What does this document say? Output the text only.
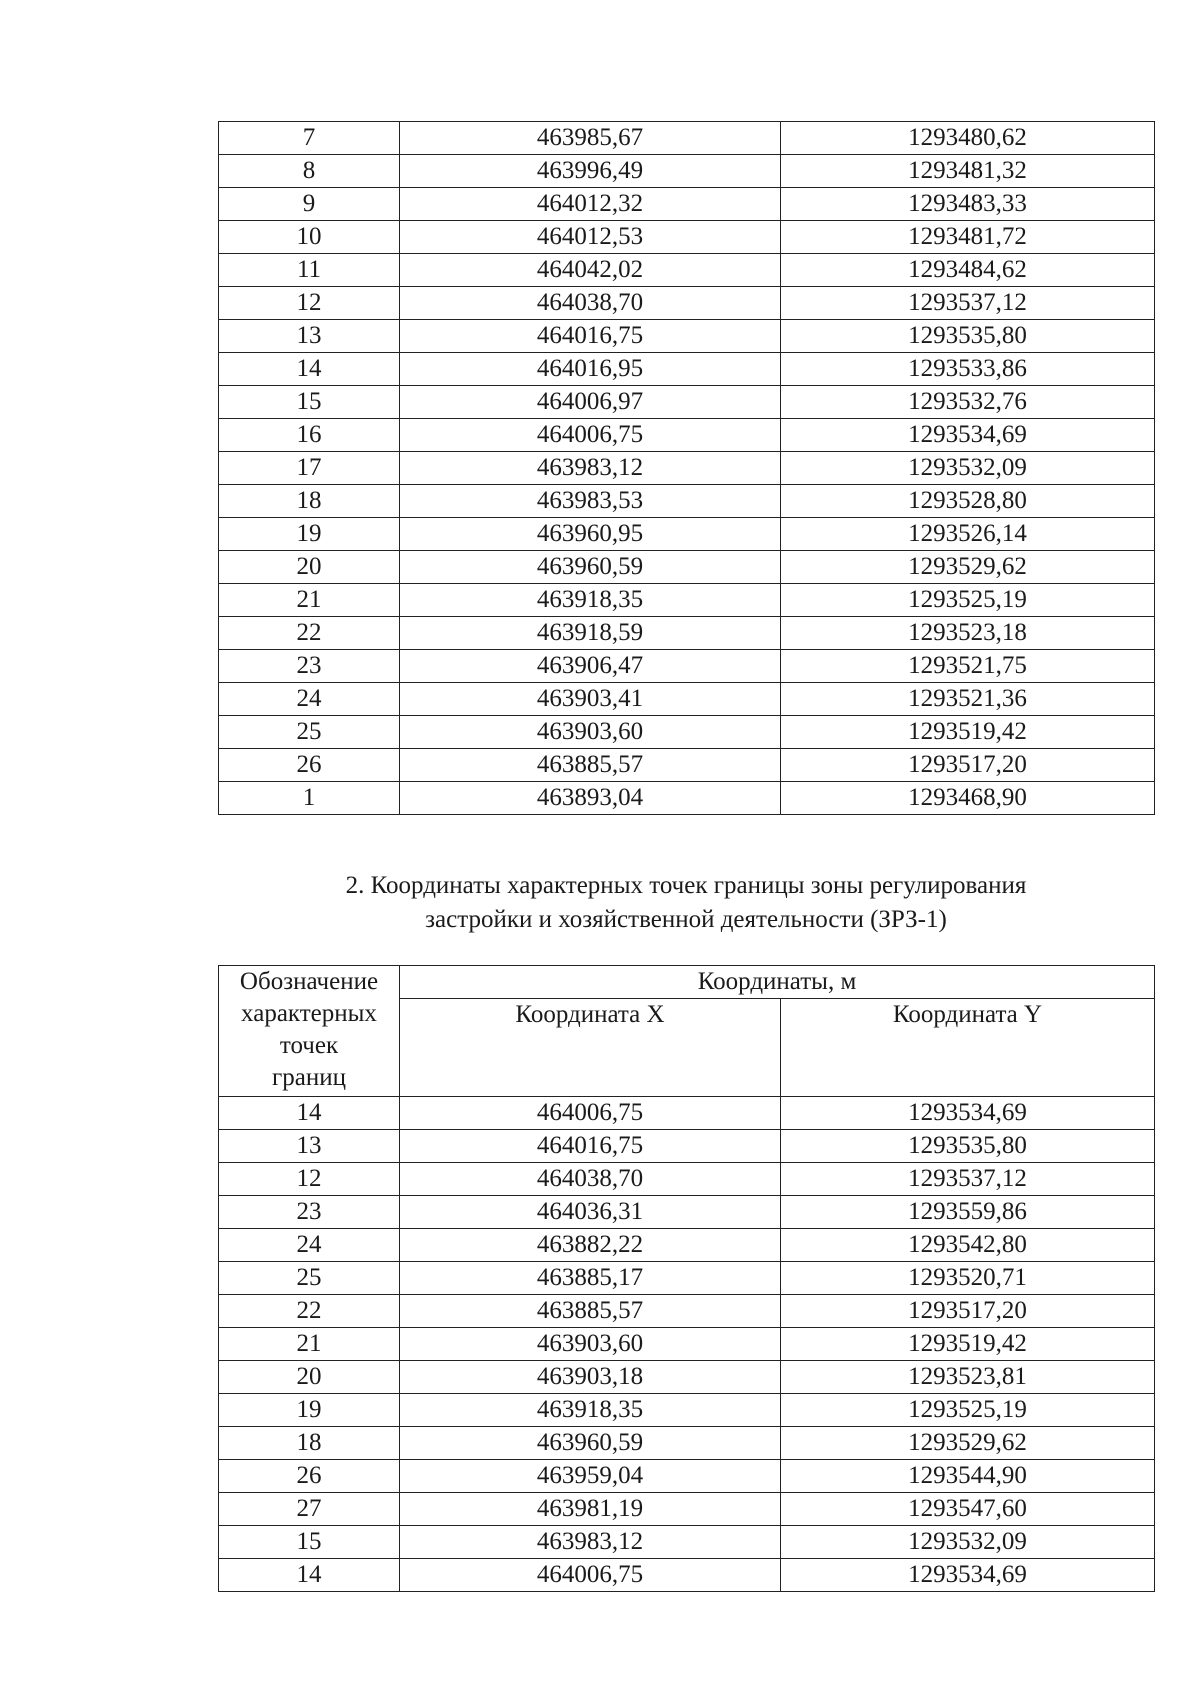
7	463985,67	1293480,62
8	463996,49	1293481,32
9	464012,32	1293483,33
10	464012,53	1293481,72
11	464042,02	1293484,62
12	464038,70	1293537,12
13	464016,75	1293535,80
14	464016,95	1293533,86
15	464006,97	1293532,76
16	464006,75	1293534,69
17	463983,12	1293532,09
18	463983,53	1293528,80
19	463960,95	1293526,14
20	463960,59	1293529,62
21	463918,35	1293525,19
22	463918,59	1293523,18
23	463906,47	1293521,75
24	463903,41	1293521,36
25	463903,60	1293519,42
26	463885,57	1293517,20
1	463893,04	1293468,90
2. Координаты характерных точек границы зоны регулирования
застройки и хозяйственной деятельности (ЗРЗ-1)
Обозначение
характерных
точек
границ	Координаты, м	
	Координата X	Координата Y
14	464006,75	1293534,69
13	464016,75	1293535,80
12	464038,70	1293537,12
23	464036,31	1293559,86
24	463882,22	1293542,80
25	463885,17	1293520,71
22	463885,57	1293517,20
21	463903,60	1293519,42
20	463903,18	1293523,81
19	463918,35	1293525,19
18	463960,59	1293529,62
26	463959,04	1293544,90
27	463981,19	1293547,60
15	463983,12	1293532,09
14	464006,75	1293534,69
